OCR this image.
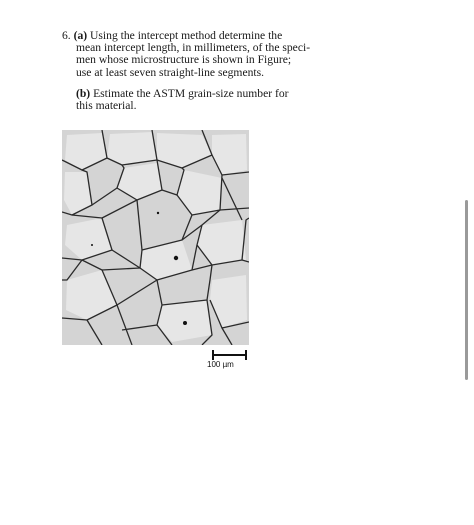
6. (a) Using the intercept method determine the
mean intercept length, in millimeters, of the speci-
men whose microstructure is shown in Figure;
use at least seven straight-line segments.
(b) Estimate the ASTM grain-size number for
this material.
100 µm
